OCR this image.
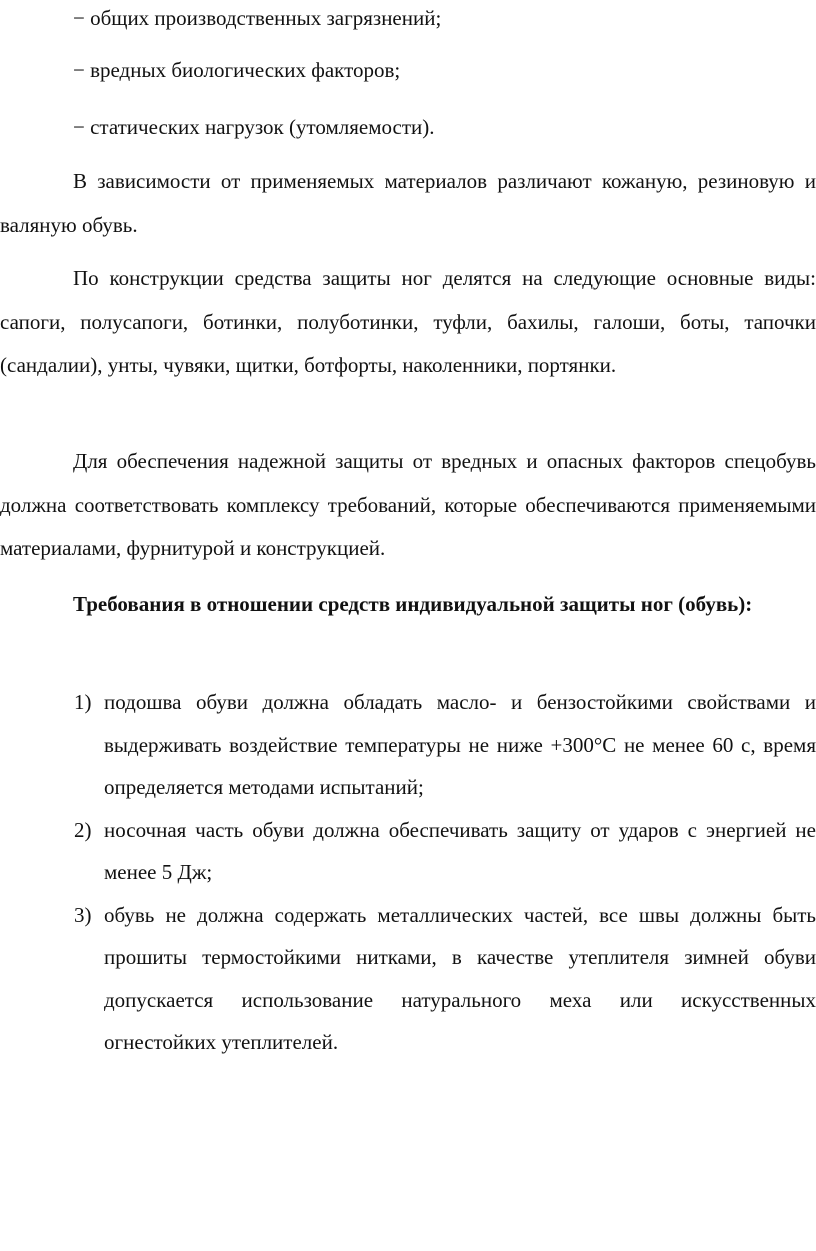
− общих производственных загрязнений;
− вредных биологических факторов;
− статических нагрузок (утомляемости).

В зависимости от применяемых материалов различают кожаную, резиновую и валяную обувь.

По конструкции средства защиты ног делятся на следующие основные виды: сапоги, полусапоги, ботинки, полуботинки, туфли, бахилы, галоши, боты, тапочки (сандалии), унты, чувяки, щитки, ботфорты, наколенники, портянки.

Для обеспечения надежной защиты от вредных и опасных факторов спецобувь должна соответствовать комплексу требований, которые обеспечиваются применяемыми материалами, фурнитурой и конструкцией.

Требования в отношении средств индивидуальной защиты ног (обувь):

1) подошва обуви должна обладать масло- и бензостойкими свойствами и выдерживать воздействие температуры не ниже +300°С не менее 60 с, время определяется методами испытаний;
2) носочная часть обуви должна обеспечивать защиту от ударов с энергией не менее 5 Дж;
3) обувь не должна содержать металлических частей, все швы должны быть прошиты термостойкими нитками, в качестве утеплителя зимней обуви допускается использование натурального меха или искусственных огнестойких утеплителей.
